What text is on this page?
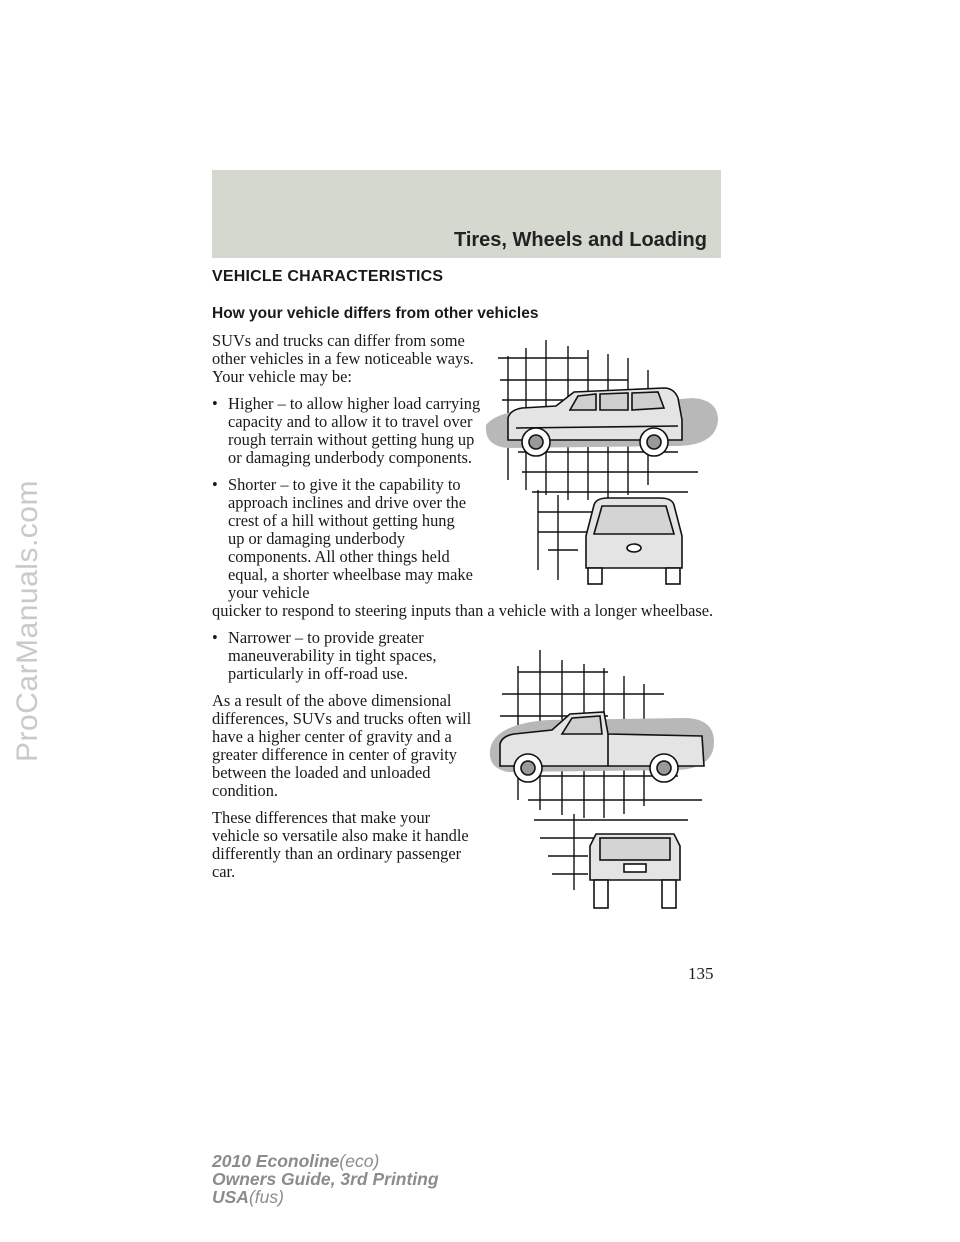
ProCarManuals.com
Tires, Wheels and Loading
VEHICLE CHARACTERISTICS
How your vehicle differs from other vehicles

SUVs and trucks can differ from some other vehicles in a few noticeable ways. Your vehicle may be:

• Higher – to allow higher load carrying capacity and to allow it to travel over rough terrain without getting hung up or damaging underbody components.
• Shorter – to give it the capability to approach inclines and drive over the crest of a hill without getting hung up or damaging underbody components. All other things held equal, a shorter wheelbase may make your vehicle
quicker to respond to steering inputs than a vehicle with a longer wheelbase.
• Narrower – to provide greater maneuverability in tight spaces, particularly in off-road use.

As a result of the above dimensional differences, SUVs and trucks often will have a higher center of gravity and a greater difference in center of gravity between the loaded and unloaded condition.

These differences that make your vehicle so versatile also make it handle differently than an ordinary passenger car.

135
2010 Econoline(eco)
Owners Guide, 3rd Printing
USA(fus)
